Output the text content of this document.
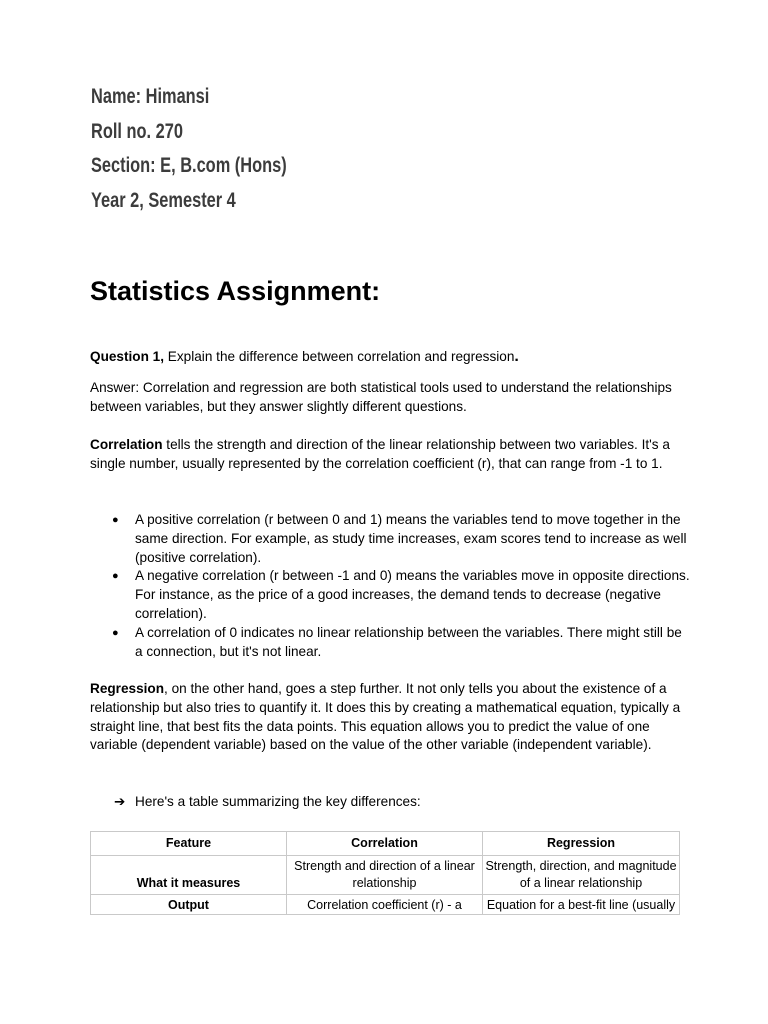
Name: Himansi
Roll no. 270
Section: E, B.com (Hons)
Year 2, Semester 4
Statistics Assignment:

Question 1, Explain the difference between correlation and regression.

Answer: Correlation and regression are both statistical tools used to understand the relationships between variables, but they answer slightly different questions.

Correlation tells the strength and direction of the linear relationship between two variables. It's a single number, usually represented by the correlation coefficient (r), that can range from -1 to 1.

● A positive correlation (r between 0 and 1) means the variables tend to move together in the same direction. For example, as study time increases, exam scores tend to increase as well (positive correlation).
● A negative correlation (r between -1 and 0) means the variables move in opposite directions. For instance, as the price of a good increases, the demand tends to decrease (negative correlation).
● A correlation of 0 indicates no linear relationship between the variables. There might still be a connection, but it's not linear.

Regression, on the other hand, goes a step further. It not only tells you about the existence of a relationship but also tries to quantify it. It does this by creating a mathematical equation, typically a straight line, that best fits the data points. This equation allows you to predict the value of one variable (dependent variable) based on the value of the other variable (independent variable).

➔ Here's a table summarizing the key differences:
Feature	Correlation	Regression
What it measures	Strength and direction of a linear relationship	Strength, direction, and magnitude of a linear relationship
Output	Correlation coefficient (r) - a	Equation for a best-fit line (usually
